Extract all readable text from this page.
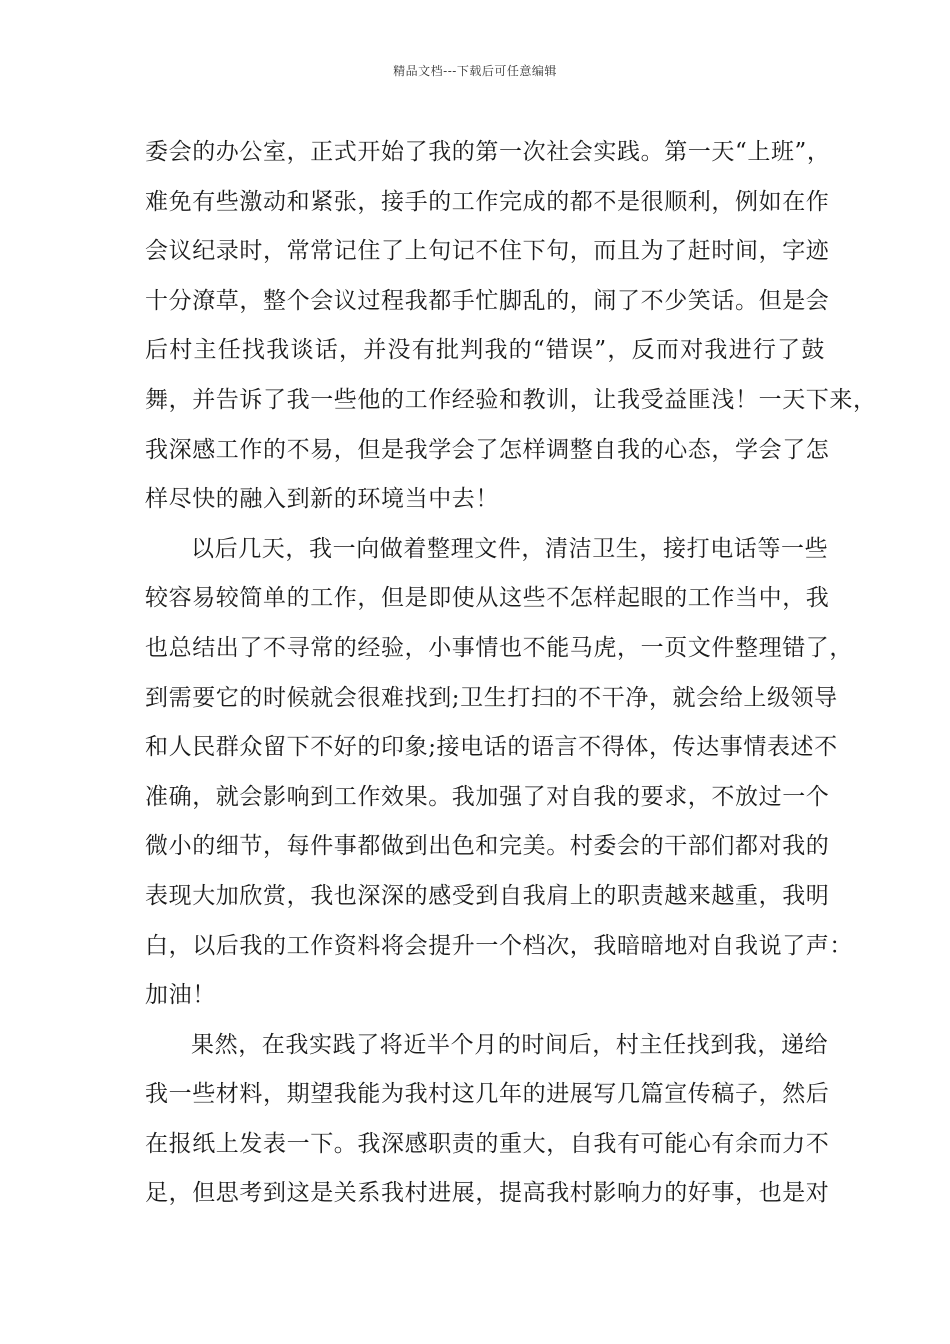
精品文档---下载后可任意编辑
委会的办公室，正式开始了我的第一次社会实践。第一天“上班”，
难免有些激动和紧张，接手的工作完成的都不是很顺利，例如在作
会议纪录时，常常记住了上句记不住下句，而且为了赶时间，字迹
十分潦草，整个会议过程我都手忙脚乱的，闹了不少笑话。但是会
后村主任找我谈话，并没有批判我的“错误”，反而对我进行了鼓
舞，并告诉了我一些他的工作经验和教训，让我受益匪浅！一天下来，
我深感工作的不易，但是我学会了怎样调整自我的心态，学会了怎
样尽快的融入到新的环境当中去！
以后几天，我一向做着整理文件，清洁卫生，接打电话等一些
较容易较简单的工作，但是即使从这些不怎样起眼的工作当中，我
也总结出了不寻常的经验，小事情也不能马虎，一页文件整理错了，
到需要它的时候就会很难找到;卫生打扫的不干净，就会给上级领导
和人民群众留下不好的印象;接电话的语言不得体，传达事情表述不
准确，就会影响到工作效果。我加强了对自我的要求，不放过一个
微小的细节，每件事都做到出色和完美。村委会的干部们都对我的
表现大加欣赏，我也深深的感受到自我肩上的职责越来越重，我明
白，以后我的工作资料将会提升一个档次，我暗暗地对自我说了声：
加油！
果然，在我实践了将近半个月的时间后，村主任找到我，递给
我一些材料，期望我能为我村这几年的进展写几篇宣传稿子，然后
在报纸上发表一下。我深感职责的重大，自我有可能心有余而力不
足，但思考到这是关系我村进展，提高我村影响力的好事，也是对
